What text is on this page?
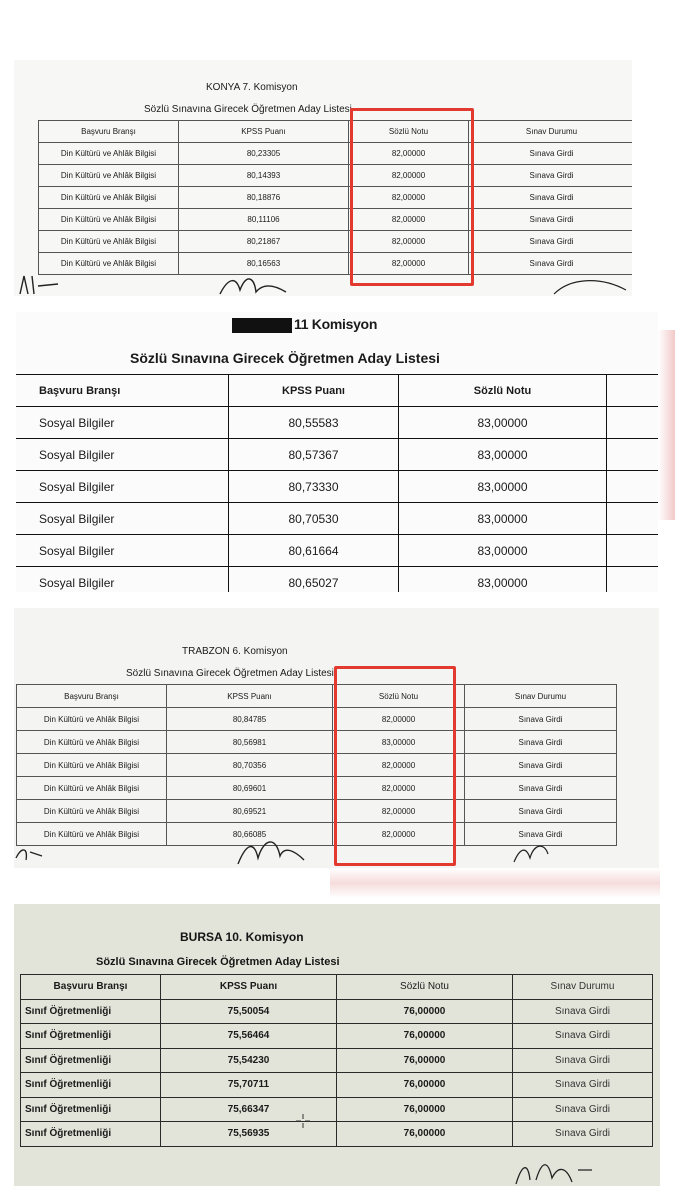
KONYA 7. Komisyon
Sözlü Sınavına Girecek Öğretmen Aday Listesi
Başvuru Branşı	KPSS Puanı	Sözlü Notu	Sınav Durumu
Din Kültürü ve Ahlâk Bilgisi	80,23305	82,00000	Sınava Girdi
Din Kültürü ve Ahlâk Bilgisi	80,14393	82,00000	Sınava Girdi
Din Kültürü ve Ahlâk Bilgisi	80,18876	82,00000	Sınava Girdi
Din Kültürü ve Ahlâk Bilgisi	80,11106	82,00000	Sınava Girdi
Din Kültürü ve Ahlâk Bilgisi	80,21867	82,00000	Sınava Girdi
Din Kültürü ve Ahlâk Bilgisi	80,16563	82,00000	Sınava Girdi
11 Komisyon
Sözlü Sınavına Girecek Öğretmen Aday Listesi
Başvuru Branşı	KPSS Puanı	Sözlü Notu	
Sosyal Bilgiler	80,55583	83,00000	
Sosyal Bilgiler	80,57367	83,00000	
Sosyal Bilgiler	80,73330	83,00000	
Sosyal Bilgiler	80,70530	83,00000	
Sosyal Bilgiler	80,61664	83,00000	
Sosyal Bilgiler	80,65027	83,00000	
TRABZON 6. Komisyon
Sözlü Sınavına Girecek Öğretmen Aday Listesi
Başvuru Branşı	KPSS Puanı	Sözlü Notu	Sınav Durumu
Din Kültürü ve Ahlâk Bilgisi	80,84785	82,00000	Sınava Girdi
Din Kültürü ve Ahlâk Bilgisi	80,56981	83,00000	Sınava Girdi
Din Kültürü ve Ahlâk Bilgisi	80,70356	82,00000	Sınava Girdi
Din Kültürü ve Ahlâk Bilgisi	80,69601	82,00000	Sınava Girdi
Din Kültürü ve Ahlâk Bilgisi	80,69521	82,00000	Sınava Girdi
Din Kültürü ve Ahlâk Bilgisi	80,66085	82,00000	Sınava Girdi
BURSA 10. Komisyon
Sözlü Sınavına Girecek Öğretmen Aday Listesi
Başvuru Branşı	KPSS Puanı	Sözlü Notu	Sınav Durumu
Sınıf Öğretmenliği	75,50054	76,00000	Sınava Girdi
Sınıf Öğretmenliği	75,56464	76,00000	Sınava Girdi
Sınıf Öğretmenliği	75,54230	76,00000	Sınava Girdi
Sınıf Öğretmenliği	75,70711	76,00000	Sınava Girdi
Sınıf Öğretmenliği	75,66347	76,00000	Sınava Girdi
Sınıf Öğretmenliği	75,56935	76,00000	Sınava Girdi
